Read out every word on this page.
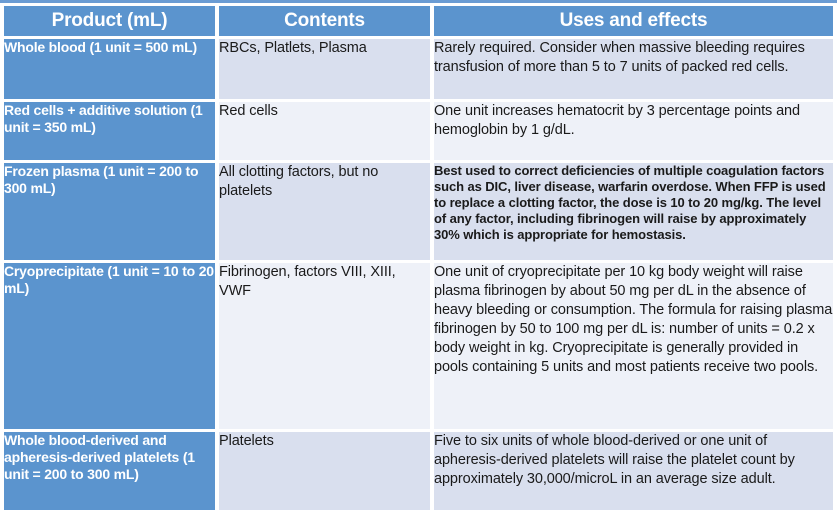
Product (mL)	Contents	Uses and effects
Whole blood (1 unit = 500 mL)	RBCs, Platlets, Plasma	Rarely required. Consider when massive bleeding requires transfusion of more than 5 to 7 units of packed red cells.
Red cells + additive solution (1 unit = 350 mL)	Red cells	One unit increases hematocrit by 3 percentage points and hemoglobin by 1 g/dL.
Frozen plasma (1 unit = 200 to 300 mL)	All clotting factors, but no platelets	Best used to correct deficiencies of multiple coagulation factors such as DIC, liver disease, warfarin overdose. When FFP is used to replace a clotting factor, the dose is 10 to 20 mg/kg. The level of any factor, including fibrinogen will raise by approximately 30% which is appropriate for hemostasis.
Cryoprecipitate (1 unit = 10 to 20 mL)	Fibrinogen, factors VIII, XIII, VWF	One unit of cryoprecipitate per 10 kg body weight will raise plasma fibrinogen by about 50 mg per dL in the absence of heavy bleeding or consumption. The formula for raising plasma fibrinogen by 50 to 100 mg per dL is: number of units = 0.2 x body weight in kg. Cryoprecipitate is generally provided in pools containing 5 units and most patients receive two pools.
Whole blood-derived and apheresis-derived platelets (1 unit = 200 to 300 mL)	Platelets	Five to six units of whole blood-derived or one unit of apheresis-derived platelets will raise the platelet count by approximately 30,000/microL in an average size adult.
